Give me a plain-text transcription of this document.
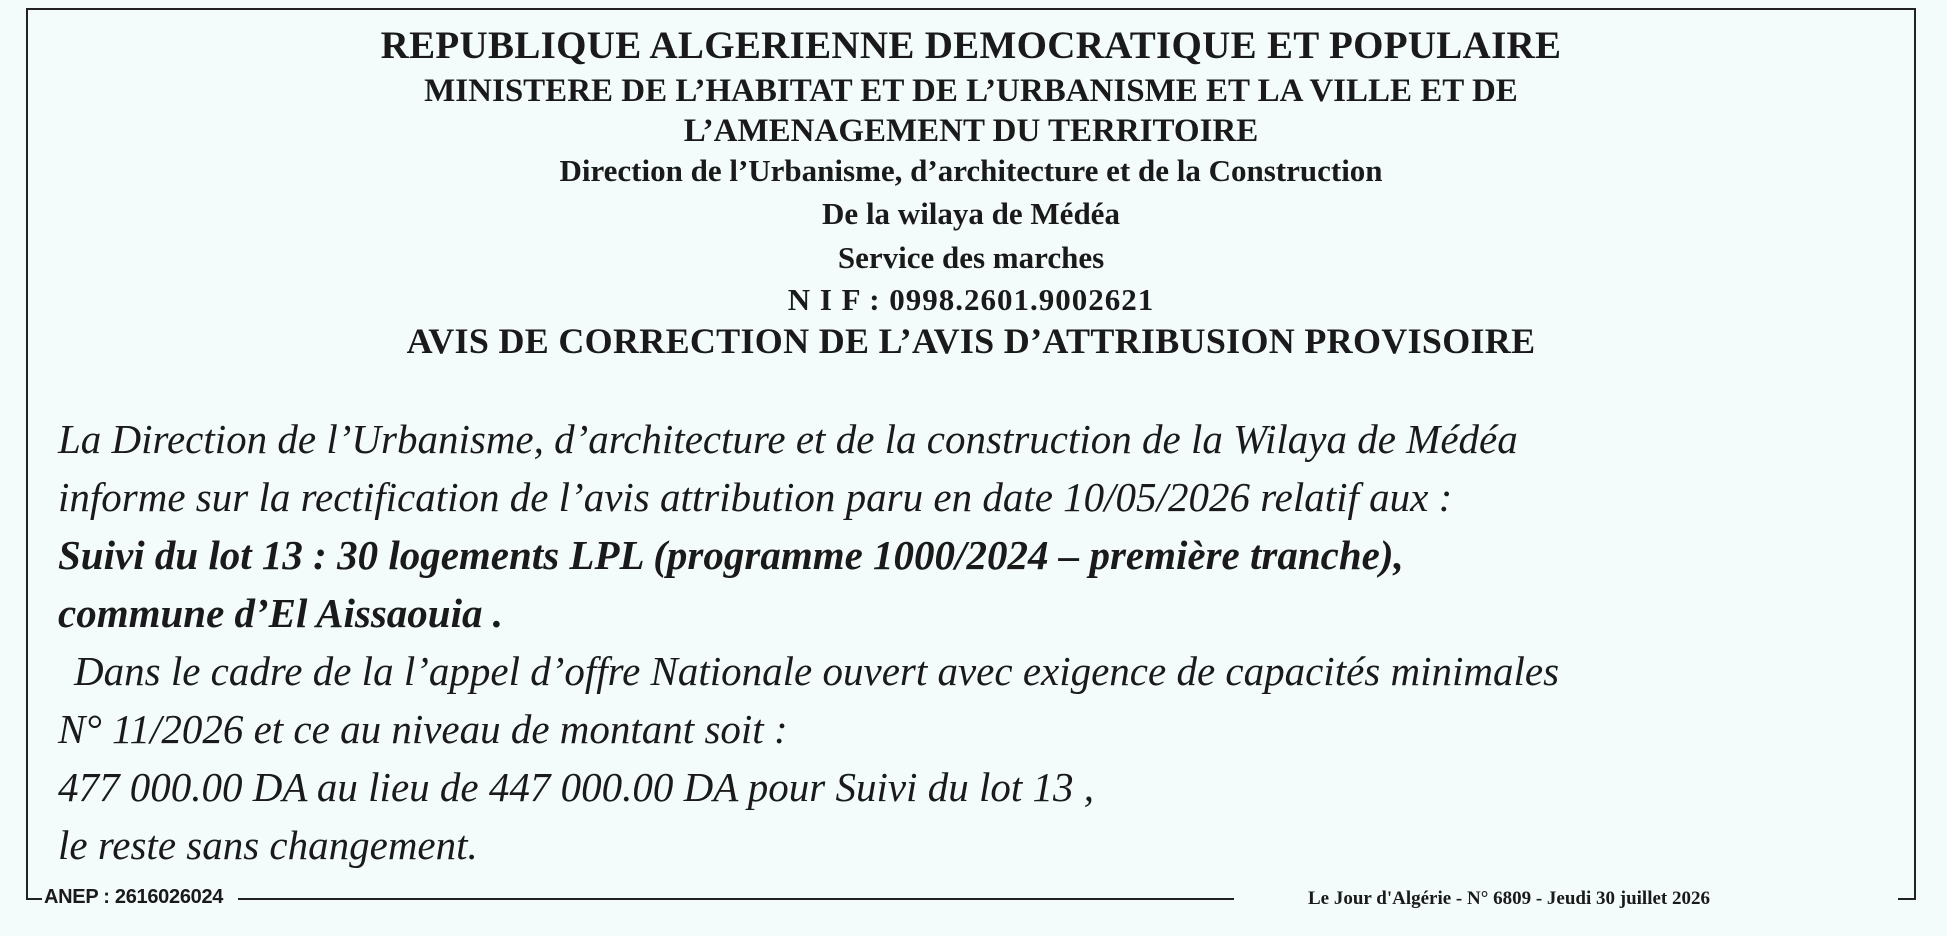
REPUBLIQUE ALGERIENNE DEMOCRATIQUE ET POPULAIRE
MINISTERE DE L’HABITAT ET DE L’URBANISME ET LA VILLE ET DE
L’AMENAGEMENT DU TERRITOIRE
Direction de l’Urbanisme, d’architecture et de la Construction
De la wilaya de Médéa
Service des marches
N I F : 0998.2601.9002621
AVIS DE CORRECTION DE L’AVIS D’ATTRIBUSION PROVISOIRE

La Direction de l’Urbanisme, d’architecture et de la construction de la Wilaya de Médéa

informe sur la rectification de l’avis attribution paru en date 10/05/2026 relatif aux :

Suivi du lot 13 : 30 logements LPL (programme 1000/2024 – première tranche),

commune d’El Aissaouia .

Dans le cadre de la l’appel d’offre Nationale ouvert avec exigence de capacités minimales

N° 11/2026 et ce au niveau de montant soit :

477 000.00 DA au lieu de 447 000.00 DA pour Suivi du lot 13 ,

le reste sans changement.

ANEP : 2616026024	Le Jour d'Algérie - N° 6809 - Jeudi 30 juillet 2026
